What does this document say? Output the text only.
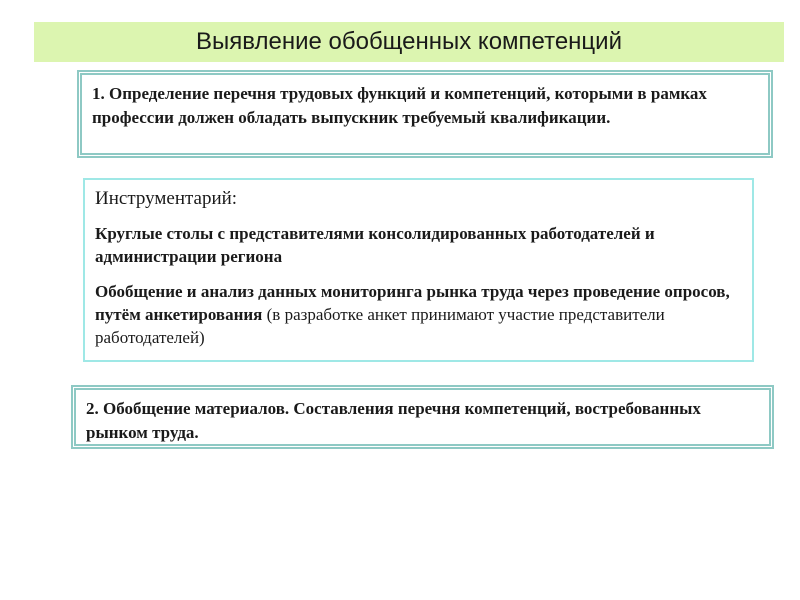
Выявление обобщенных компетенций
1. Определение перечня трудовых функций и компетенций, которыми в рамках профессии должен обладать выпускник требуемый квалификации.
Инструментарий:
Круглые столы с представителями консолидированных работодателей и администрации региона
Обобщение и анализ данных мониторинга рынка труда через проведение опросов, путём анкетирования (в разработке анкет принимают участие представители работодателей)
2. Обобщение материалов. Составления перечня компетенций, востребованных рынком труда.
